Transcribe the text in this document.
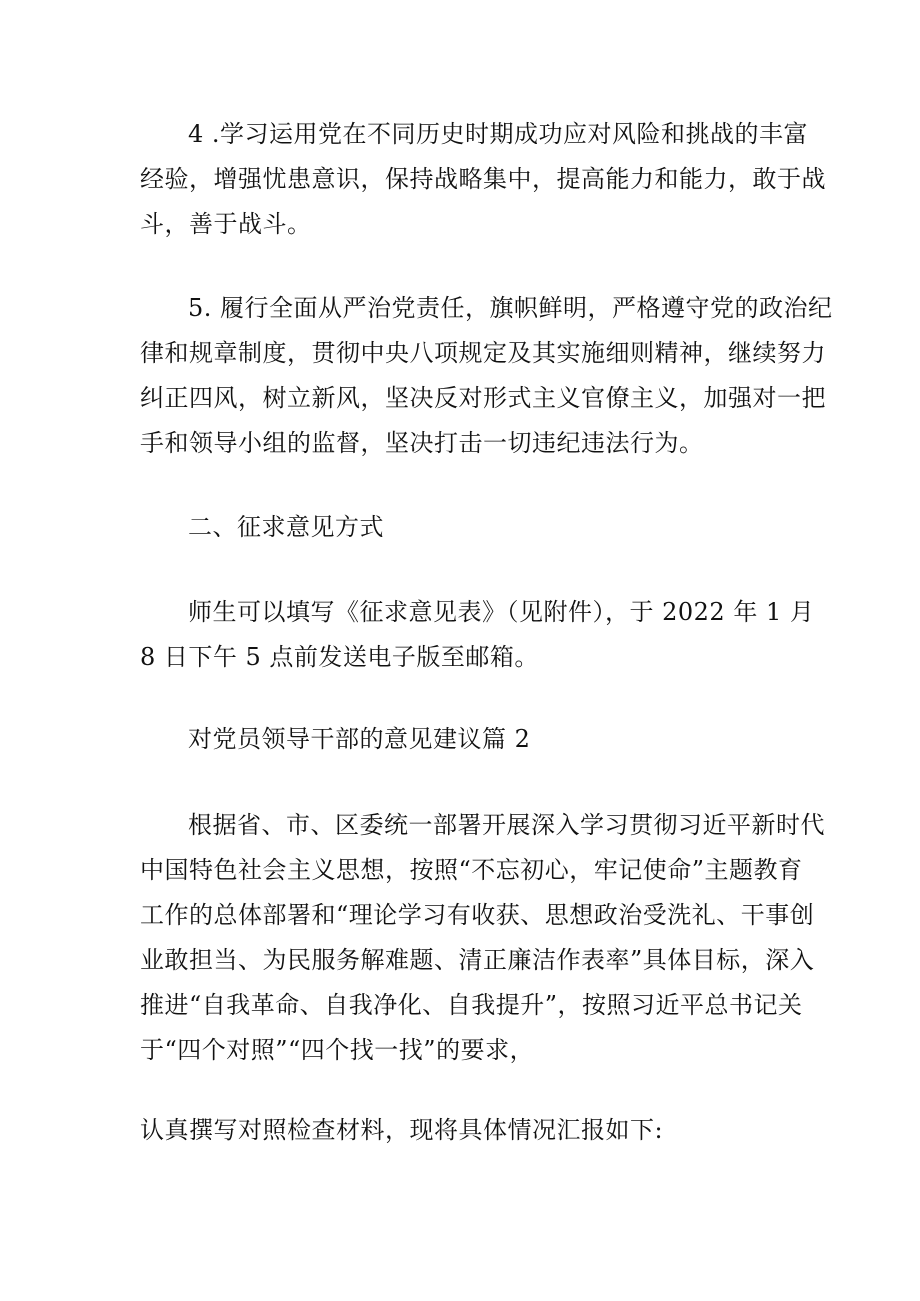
4 .学习运用党在不同历史时期成功应对风险和挑战的丰富
经验，增强忧患意识，保持战略集中，提高能力和能力，敢于战
斗，善于战斗。
5. 履行全面从严治党责任，旗帜鲜明，严格遵守党的政治纪
律和规章制度，贯彻中央八项规定及其实施细则精神，继续努力
纠正四风，树立新风，坚决反对形式主义官僚主义，加强对一把
手和领导小组的监督，坚决打击一切违纪违法行为。
二、征求意见方式
师生可以填写《征求意见表》（见附件），于 2022 年 1 月
8 日下午 5 点前发送电子版至邮箱。
对党员领导干部的意见建议篇 2
根据省、市、区委统一部署开展深入学习贯彻习近平新时代
中国特色社会主义思想，按照“不忘初心，牢记使命”主题教育
工作的总体部署和“理论学习有收获、思想政治受洗礼、干事创
业敢担当、为民服务解难题、清正廉洁作表率”具体目标，深入
推进“自我革命、自我净化、自我提升”，按照习近平总书记关
于“四个对照”“四个找一找”的要求，
认真撰写对照检查材料，现将具体情况汇报如下:
